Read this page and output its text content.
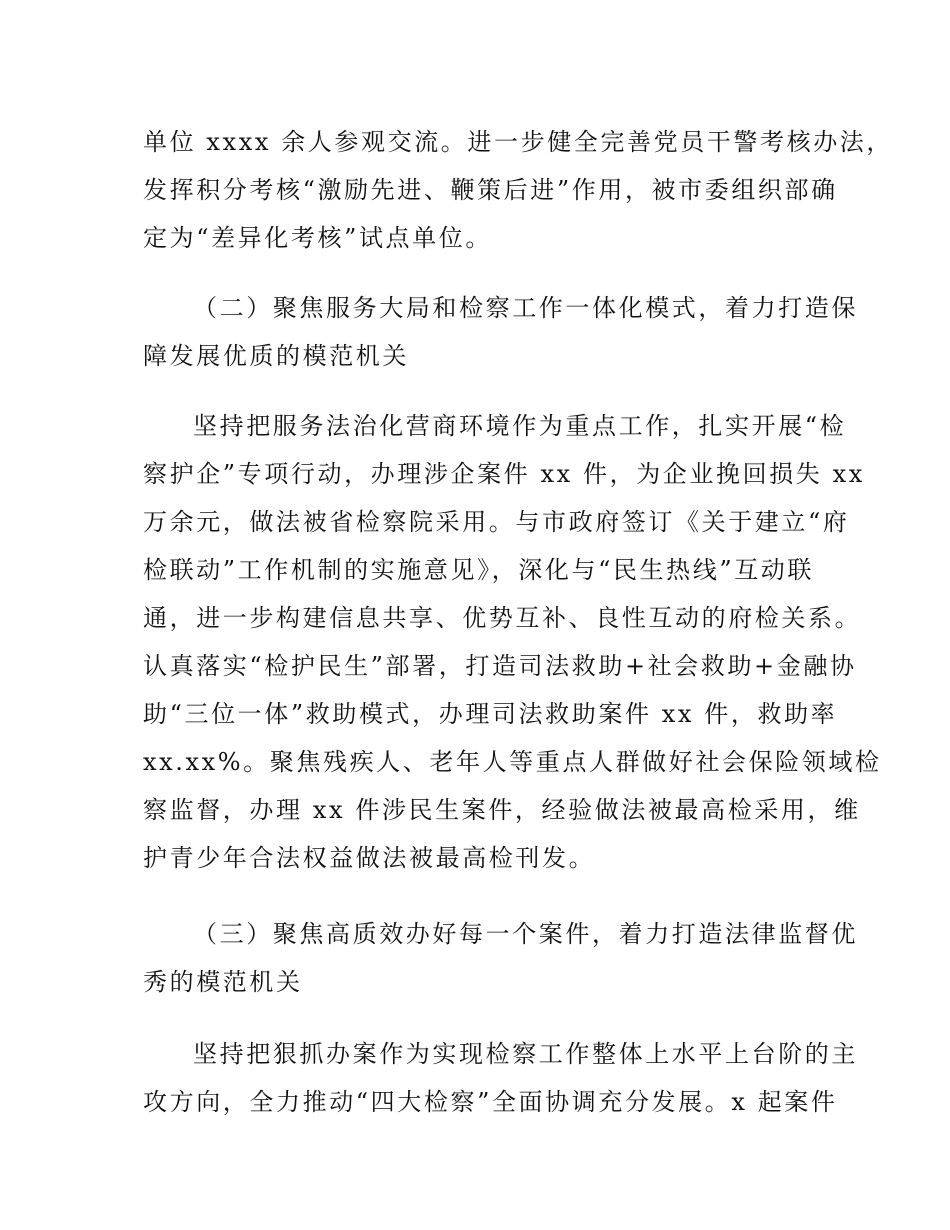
单位 xxxx 余人参观交流。进一步健全完善党员干警考核办法，
发挥积分考核“激励先进、鞭策后进”作用，被市委组织部确
定为“差异化考核”试点单位。
（二）聚焦服务大局和检察工作一体化模式，着力打造保
障发展优质的模范机关
坚持把服务法治化营商环境作为重点工作，扎实开展“检
察护企”专项行动，办理涉企案件 xx 件，为企业挽回损失 xx
万余元，做法被省检察院采用。与市政府签订《关于建立“府
检联动”工作机制的实施意见》，深化与“民生热线”互动联
通，进一步构建信息共享、优势互补、良性互动的府检关系。
认真落实“检护民生”部署，打造司法救助+社会救助+金融协
助“三位一体”救助模式，办理司法救助案件 xx 件，救助率
xx.xx%。聚焦残疾人、老年人等重点人群做好社会保险领域检
察监督，办理 xx 件涉民生案件，经验做法被最高检采用，维
护青少年合法权益做法被最高检刊发。
（三）聚焦高质效办好每一个案件，着力打造法律监督优
秀的模范机关
坚持把狠抓办案作为实现检察工作整体上水平上台阶的主
攻方向，全力推动“四大检察”全面协调充分发展。x 起案件
